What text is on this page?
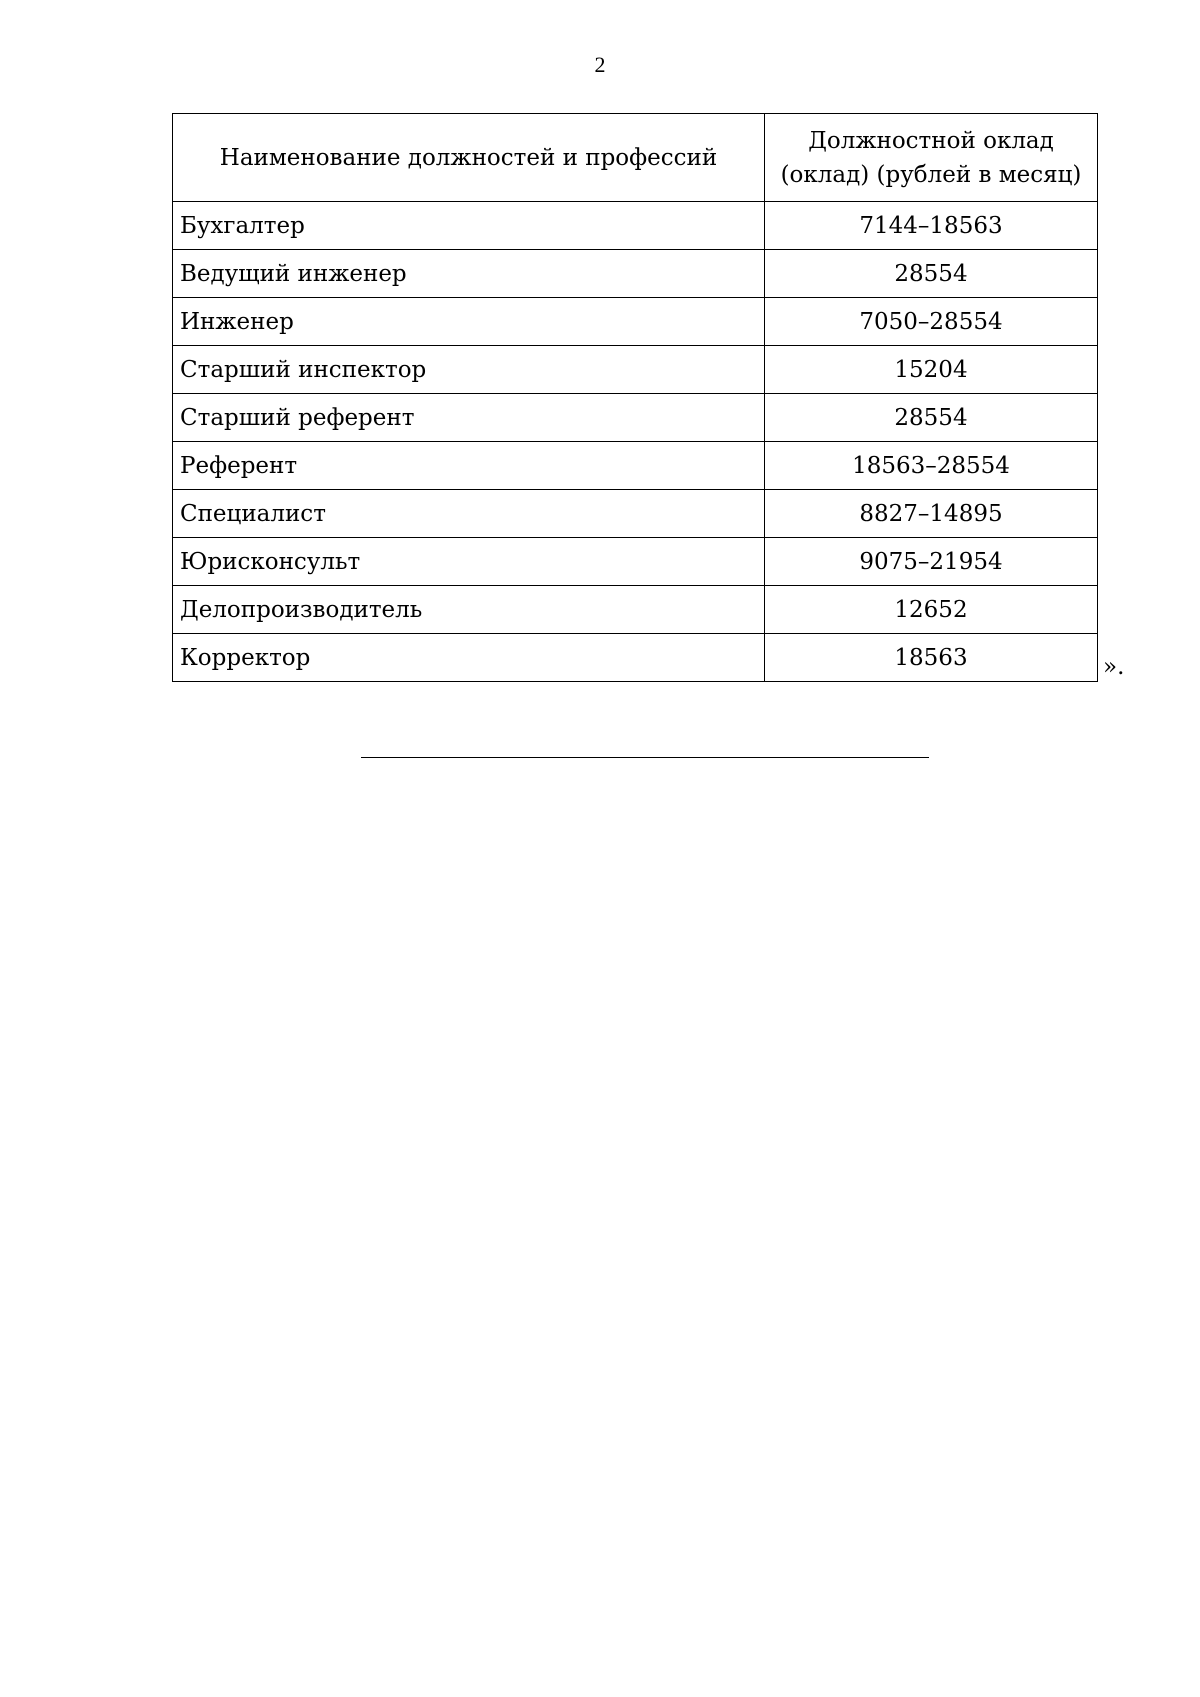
2
Наименование должностей и профессий	Должностной оклад (оклад) (рублей в месяц)
Бухгалтер	7144–18563
Ведущий инженер	28554
Инженер	7050–28554
Старший инспектор	15204
Старший референт	28554
Референт	18563–28554
Специалист	8827–14895
Юрисконсульт	9075–21954
Делопроизводитель	12652
Корректор	18563	».
